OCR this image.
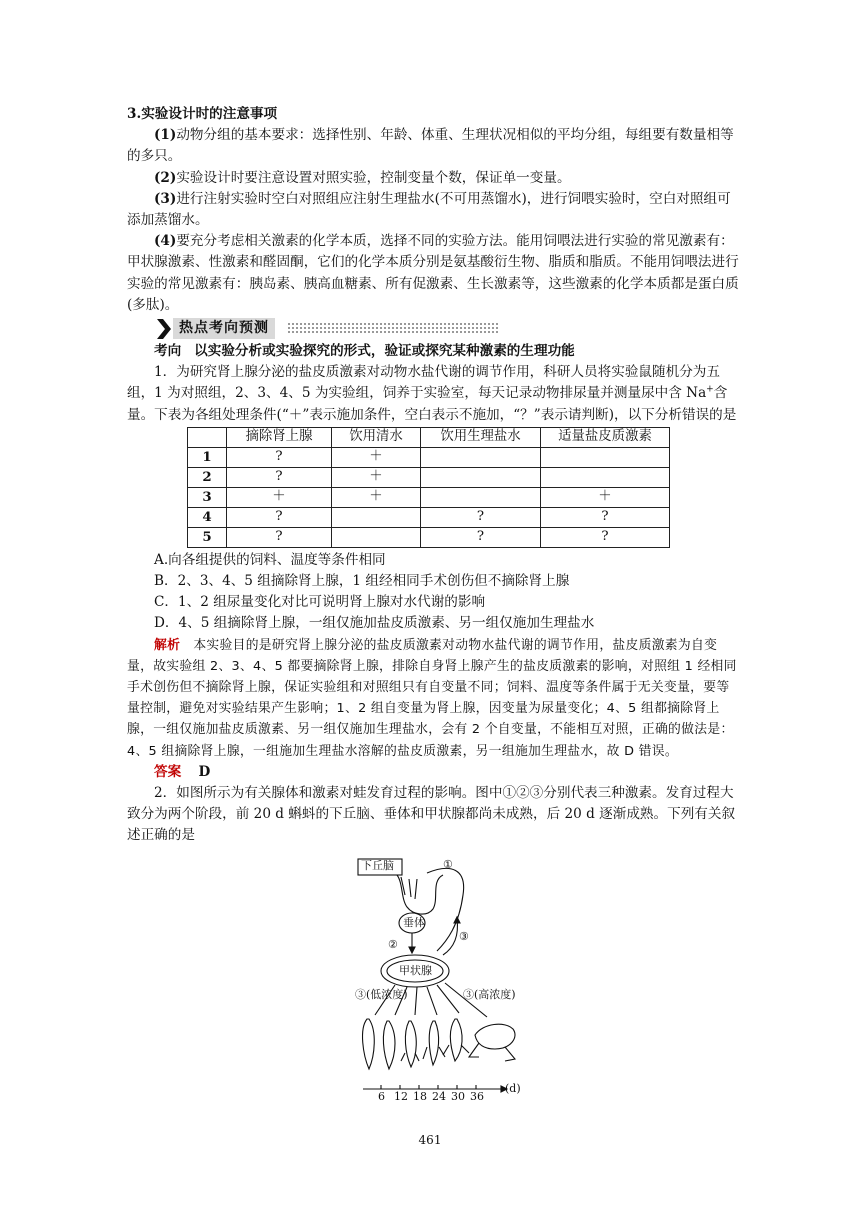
3.实验设计时的注意事项

(1)动物分组的基本要求：选择性别、年龄、体重、生理状况相似的平均分组，每组要有数量相等的多只。

(2)实验设计时要注意设置对照实验，控制变量个数，保证单一变量。

(3)进行注射实验时空白对照组应注射生理盐水(不可用蒸馏水)，进行饲喂实验时，空白对照组可添加蒸馏水。

(4)要充分考虑相关激素的化学本质，选择不同的实验方法。能用饲喂法进行实验的常见激素有：甲状腺激素、性激素和醛固酮，它们的化学本质分别是氨基酸衍生物、脂质和脂质。不能用饲喂法进行实验的常见激素有：胰岛素、胰高血糖素、所有促激素、生长激素等，这些激素的化学本质都是蛋白质(多肽)。

热点考向预测

考向 以实验分析或实验探究的形式，验证或探究某种激素的生理功能

1．为研究肾上腺分泌的盐皮质激素对动物水盐代谢的调节作用，科研人员将实验鼠随机分为五组，1 为对照组，2、3、4、5 为实验组，饲养于实验室，每天记录动物排尿量并测量尿中含 Na+含量。下表为各组处理条件(“＋”表示施加条件，空白表示不施加，“？”表示请判断)，以下分析错误的是

	摘除肾上腺	饮用清水	饮用生理盐水	适量盐皮质激素
1	?	＋		
2	?	＋		
3	＋	＋		＋
4	?		?	?
5	?		?	?

A.向各组提供的饲料、温度等条件相同

B．2、3、4、5 组摘除肾上腺，1 组经相同手术创伤但不摘除肾上腺

C．1、2 组尿量变化对比可说明肾上腺对水代谢的影响

D．4、5 组摘除肾上腺，一组仅施加盐皮质激素、另一组仅施加生理盐水

解析 本实验目的是研究肾上腺分泌的盐皮质激素对动物水盐代谢的调节作用，盐皮质激素为自变量，故实验组 2、3、4、5 都要摘除肾上腺，排除自身肾上腺产生的盐皮质激素的影响，对照组 1 经相同手术创伤但不摘除肾上腺，保证实验组和对照组只有自变量不同；饲料、温度等条件属于无关变量，要等量控制，避免对实验结果产生影响；1、2 组自变量为肾上腺，因变量为尿量变化；4、5 组都摘除肾上腺，一组仅施加盐皮质激素、另一组仅施加生理盐水，会有 2 个自变量，不能相互对照，正确的做法是：4、5 组摘除肾上腺，一组施加生理盐水溶解的盐皮质激素，另一组施加生理盐水，故 D 错误。

答案 D

2．如图所示为有关腺体和激素对蛙发育过程的影响。图中①②③分别代表三种激素。发育过程大致分为两个阶段，前 20 d 蝌蚪的下丘脑、垂体和甲状腺都尚未成熟，后 20 d 逐渐成熟。下列有关叙述正确的是

下丘脑
垂体
甲状腺
①
②
③
③(低浓度)	③(高浓度)
6 12 18 24 30 36
(d)
461
